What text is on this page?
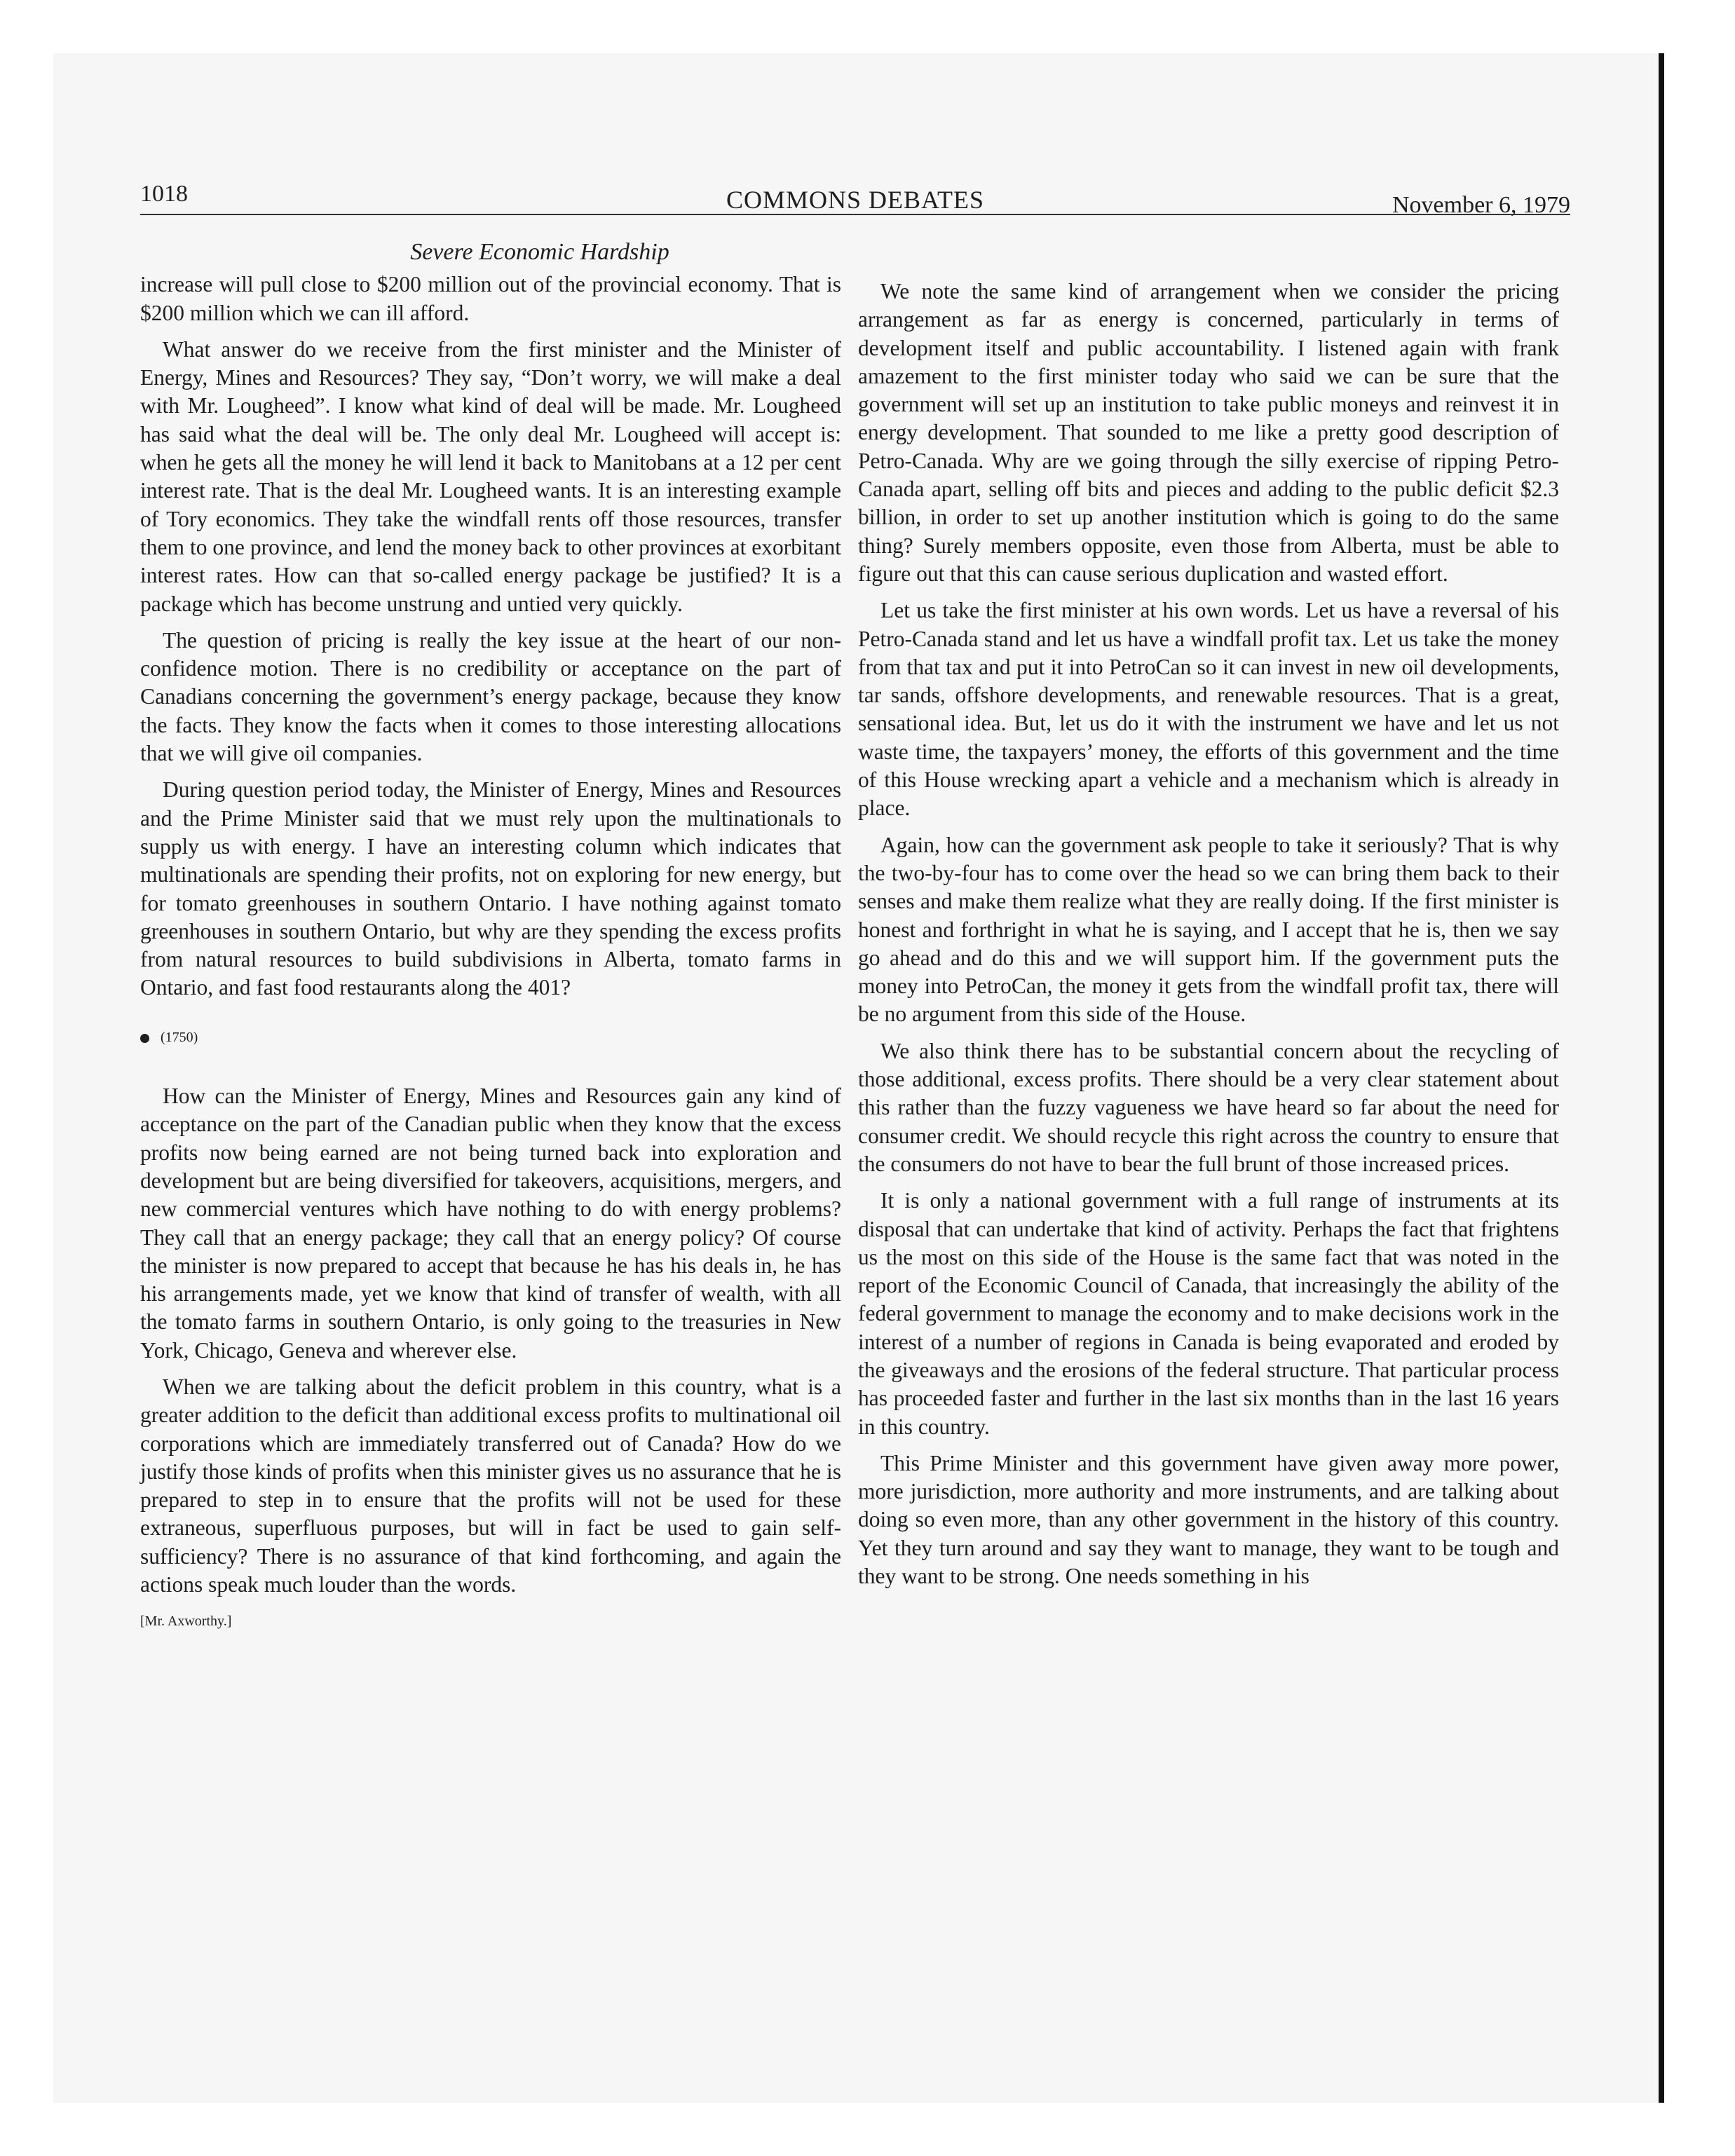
1018	COMMONS DEBATES	November 6, 1979
Severe Economic Hardship

increase will pull close to $200 million out of the provincial economy. That is $200 million which we can ill afford.

What answer do we receive from the first minister and the Minister of Energy, Mines and Resources? They say, “Don’t worry, we will make a deal with Mr. Lougheed”. I know what kind of deal will be made. Mr. Lougheed has said what the deal will be. The only deal Mr. Lougheed will accept is: when he gets all the money he will lend it back to Manitobans at a 12 per cent interest rate. That is the deal Mr. Lougheed wants. It is an interesting example of Tory economics. They take the windfall rents off those resources, transfer them to one province, and lend the money back to other provinces at exorbitant interest rates. How can that so-called energy package be justified? It is a package which has become unstrung and untied very quickly.

The question of pricing is really the key issue at the heart of our non-confidence motion. There is no credibility or acceptance on the part of Canadians concerning the government’s energy package, because they know the facts. They know the facts when it comes to those interesting allocations that we will give oil companies.

During question period today, the Minister of Energy, Mines and Resources and the Prime Minister said that we must rely upon the multinationals to supply us with energy. I have an interesting column which indicates that multinationals are spending their profits, not on exploring for new energy, but for tomato greenhouses in southern Ontario. I have nothing against tomato greenhouses in southern Ontario, but why are they spending the excess profits from natural resources to build subdivisions in Alberta, tomato farms in Ontario, and fast food restaurants along the 401?

(1750)

How can the Minister of Energy, Mines and Resources gain any kind of acceptance on the part of the Canadian public when they know that the excess profits now being earned are not being turned back into exploration and development but are being diversified for takeovers, acquisitions, mergers, and new commercial ventures which have nothing to do with energy problems? They call that an energy package; they call that an energy policy? Of course the minister is now prepared to accept that because he has his deals in, he has his arrangements made, yet we know that kind of transfer of wealth, with all the tomato farms in southern Ontario, is only going to the treasuries in New York, Chicago, Geneva and wherever else.

When we are talking about the deficit problem in this country, what is a greater addition to the deficit than additional excess profits to multinational oil corporations which are immediately transferred out of Canada? How do we justify those kinds of profits when this minister gives us no assurance that he is prepared to step in to ensure that the profits will not be used for these extraneous, superfluous purposes, but will in fact be used to gain self-sufficiency? There is no assurance of that kind forthcoming, and again the actions speak much louder than the words.

[Mr. Axworthy.]

We note the same kind of arrangement when we consider the pricing arrangement as far as energy is concerned, particularly in terms of development itself and public accountability. I listened again with frank amazement to the first minister today who said we can be sure that the government will set up an institution to take public moneys and reinvest it in energy development. That sounded to me like a pretty good description of Petro-Canada. Why are we going through the silly exercise of ripping Petro-Canada apart, selling off bits and pieces and adding to the public deficit $2.3 billion, in order to set up another institution which is going to do the same thing? Surely members opposite, even those from Alberta, must be able to figure out that this can cause serious duplication and wasted effort.

Let us take the first minister at his own words. Let us have a reversal of his Petro-Canada stand and let us have a windfall profit tax. Let us take the money from that tax and put it into PetroCan so it can invest in new oil developments, tar sands, offshore developments, and renewable resources. That is a great, sensational idea. But, let us do it with the instrument we have and let us not waste time, the taxpayers’ money, the efforts of this government and the time of this House wrecking apart a vehicle and a mechanism which is already in place.

Again, how can the government ask people to take it seriously? That is why the two-by-four has to come over the head so we can bring them back to their senses and make them realize what they are really doing. If the first minister is honest and forthright in what he is saying, and I accept that he is, then we say go ahead and do this and we will support him. If the government puts the money into PetroCan, the money it gets from the windfall profit tax, there will be no argument from this side of the House.

We also think there has to be substantial concern about the recycling of those additional, excess profits. There should be a very clear statement about this rather than the fuzzy vagueness we have heard so far about the need for consumer credit. We should recycle this right across the country to ensure that the consumers do not have to bear the full brunt of those increased prices.

It is only a national government with a full range of instruments at its disposal that can undertake that kind of activity. Perhaps the fact that frightens us the most on this side of the House is the same fact that was noted in the report of the Economic Council of Canada, that increasingly the ability of the federal government to manage the economy and to make decisions work in the interest of a number of regions in Canada is being evaporated and eroded by the giveaways and the erosions of the federal structure. That particular process has proceeded faster and further in the last six months than in the last 16 years in this country.

This Prime Minister and this government have given away more power, more jurisdiction, more authority and more instruments, and are talking about doing so even more, than any other government in the history of this country. Yet they turn around and say they want to manage, they want to be tough and they want to be strong. One needs something in his
